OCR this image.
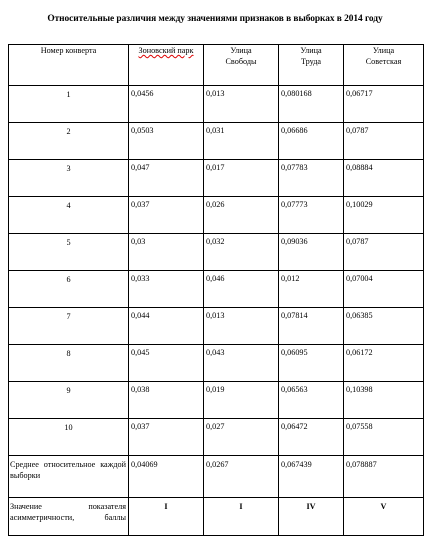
Относительные различия между значениями признаков в выборках в 2014 году
Номер конверта	Зоновский парк	Улица Свободы	Улица Труда	Улица Советская

1	0,0456	0,013	0,080168	0,06717
2	0,0503	0,031	0,06686	0,0787
3	0,047	0,017	0,07783	0,08884
4	0,037	0,026	0,07773	0,10029
5	0,03	0,032	0,09036	0,0787
6	0,033	0,046	0,012	0,07004
7	0,044	0,013	0,07814	0,06385
8	0,045	0,043	0,06095	0,06172
9	0,038	0,019	0,06563	0,10398
10	0,037	0,027	0,06472	0,07558
Среднее относительное каждой выборки	0,04069	0,0267	0,067439	0,078887
Значение показателя асимметричности, баллы	I	I	IV	V
